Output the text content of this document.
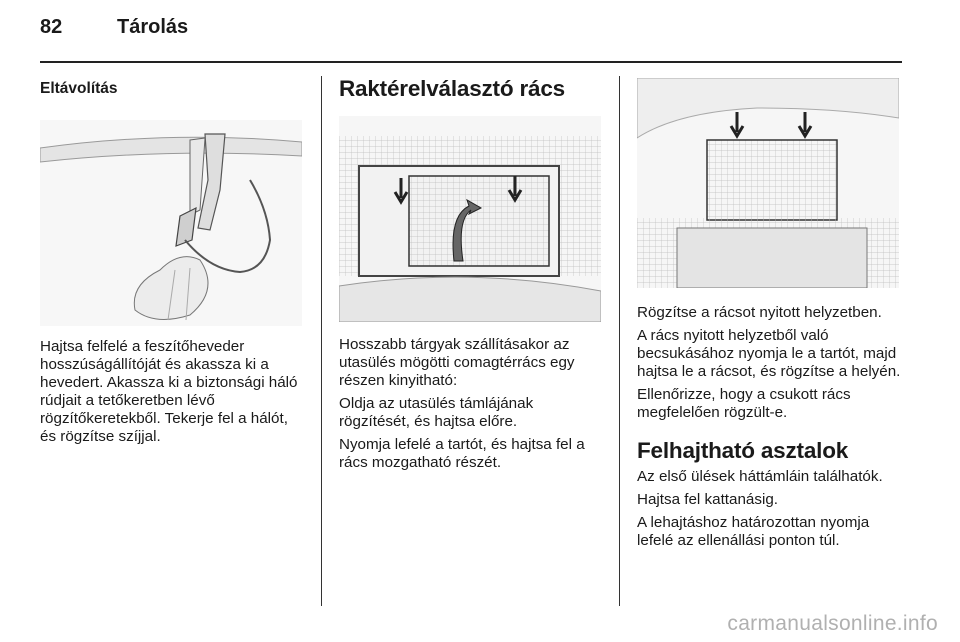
82	Tárolás
Eltávolítás

Hajtsa felfelé a feszítőheveder hosszúságállítóját és akassza ki a hevedert. Akassza ki a biztonsági háló rúdjait a tetőkeretben lévő rögzítőkeretekből. Tekerje fel a hálót, és rögzítse szíjjal.

Raktérelválasztó rács

Hosszabb tárgyak szállításakor az utasülés mögötti comagtérrács egy részen kinyitható:

Oldja az utasülés támlájának rögzítését, és hajtsa előre.

Nyomja lefelé a tartót, és hajtsa fel a rács mozgatható részét.

Rögzítse a rácsot nyitott helyzetben.

A rács nyitott helyzetből való becsukásához nyomja le a tartót, majd hajtsa le a rácsot, és rögzítse a helyén.

Ellenőrizze, hogy a csukott rács megfelelően rögzült-e.

Felhajtható asztalok

Az első ülések háttámláin találhatók.

Hajtsa fel kattanásig.

A lehajtáshoz határozottan nyomja lefelé az ellenállási ponton túl.

carmanualsonline.info
